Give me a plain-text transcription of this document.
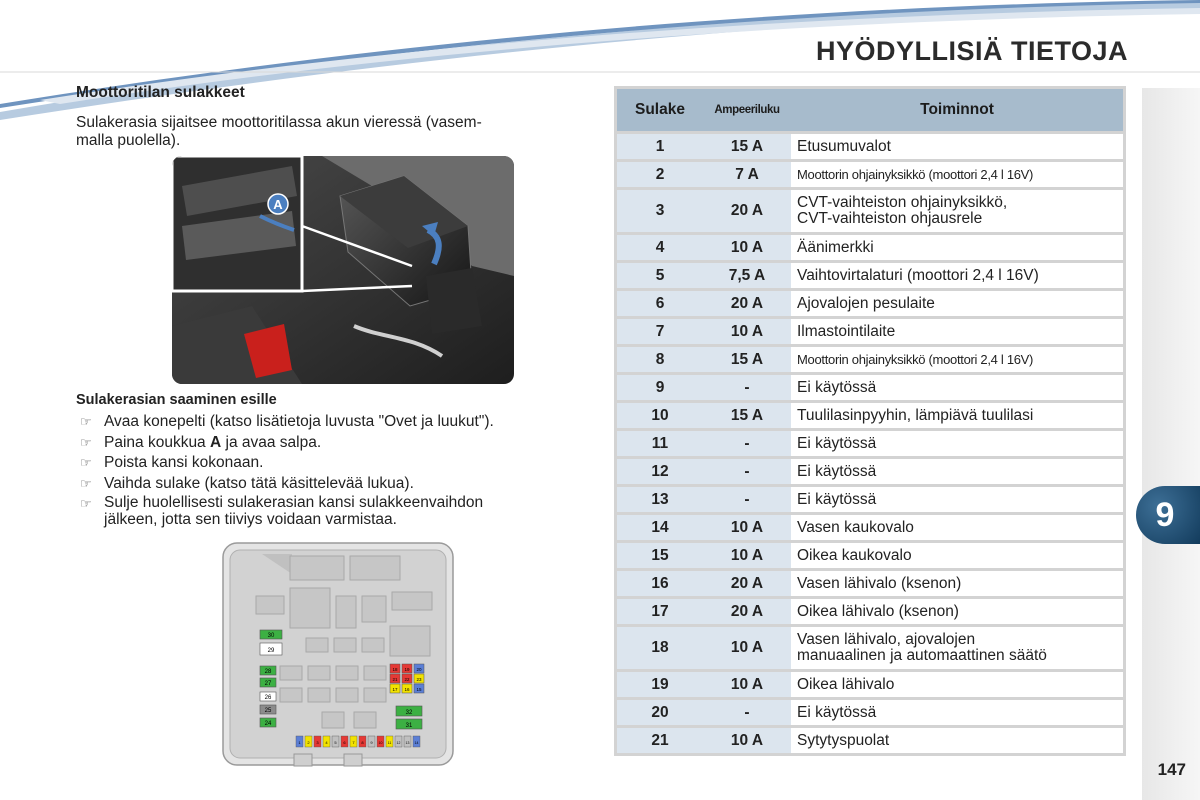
HYÖDYLLISIÄ TIETOJA
9
147
Moottoritilan sulakkeet
Sulakerasia sijaitsee moottoritilassa akun vieressä (vasem-
malla puolella).
A
Sulakerasian saaminen esille
☞ Avaa konepelti (katso lisätietoja luvusta "Ovet ja luukut").
☞ Paina koukkua A ja avaa salpa.
☞ Poista kansi kokonaan.
☞ Vaihda sulake (katso tätä käsittelevää lukua).
☞ Sulje huolellisesti sulakerasian kansi sulakkeenvaihdon
jälkeen, jotta sen tiiviys voidaan varmistaa.
30
29
28
27
26
25
24
18 19 20
21 22 23
17 16 15
32
31
1 2 3 4 5 6 7 8 9 10 11 12 13 14
Sulake	Ampeeriluku	Toiminnot
1	15 A	Etusumuvalot

2	7 A	Moottorin ohjainyksikkö (moottori 2,4 l 16V)

3	20 A	CVT-vaihteiston ohjainyksikkö,
CVT-vaihteiston ohjausrele

4	10 A	Äänimerkki

5	7,5 A	Vaihtovirtalaturi (moottori 2,4 l 16V)

6	20 A	Ajovalojen pesulaite

7	10 A	Ilmastointilaite

8	15 A	Moottorin ohjainyksikkö (moottori 2,4 l 16V)

9	-	Ei käytössä

10	15 A	Tuulilasinpyyhin, lämpiävä tuulilasi

11	-	Ei käytössä

12	-	Ei käytössä

13	-	Ei käytössä

14	10 A	Vasen kaukovalo

15	10 A	Oikea kaukovalo

16	20 A	Vasen lähivalo (ksenon)

17	20 A	Oikea lähivalo (ksenon)

18	10 A	Vasen lähivalo, ajovalojen
manuaalinen ja automaattinen säätö

19	10 A	Oikea lähivalo

20	-	Ei käytössä

21	10 A	Sytytyspuolat
